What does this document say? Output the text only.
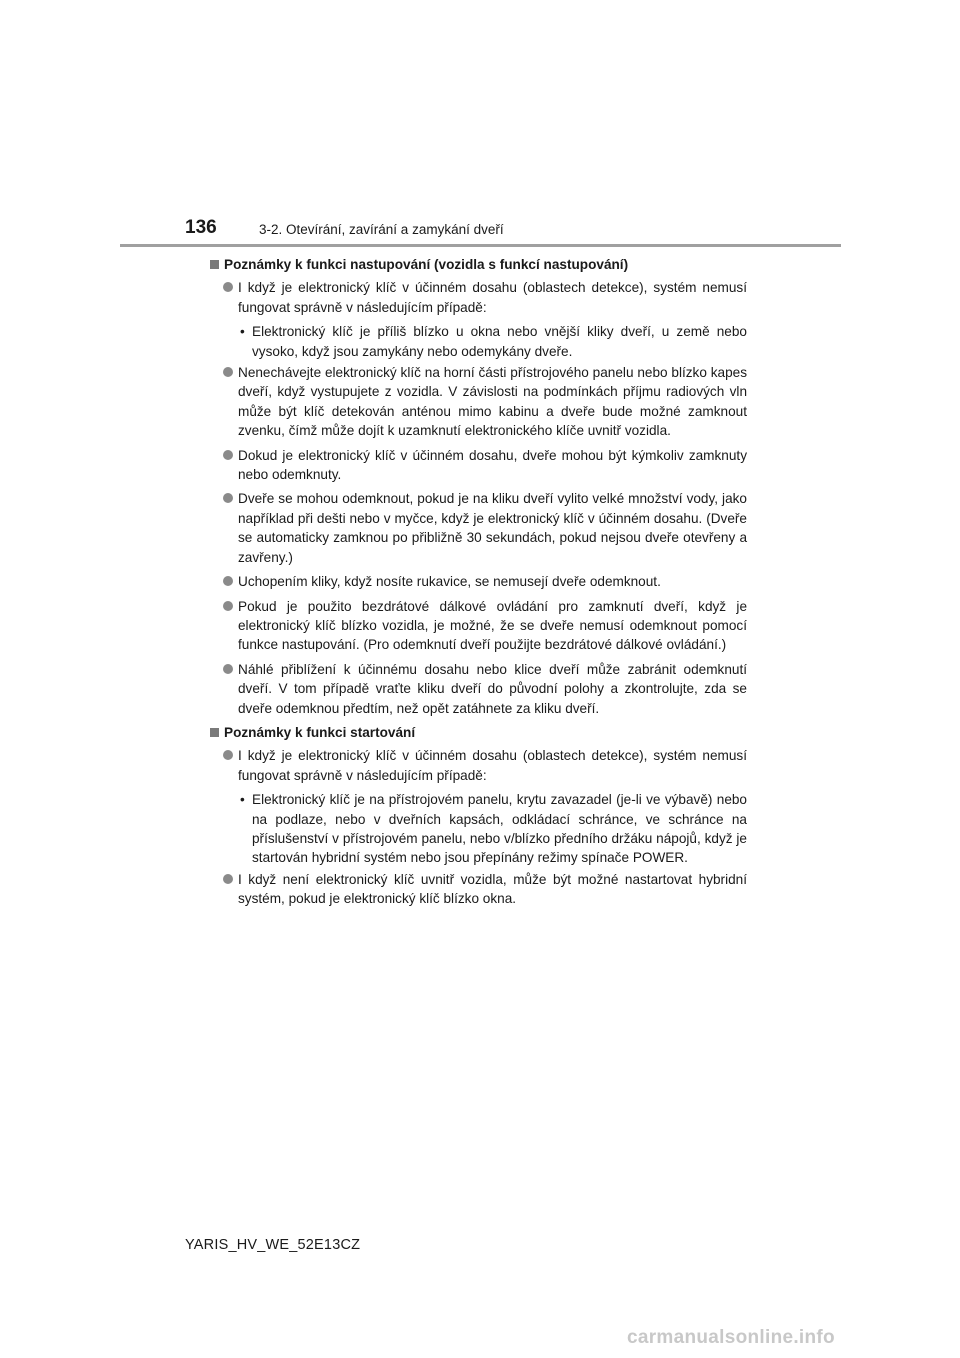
136	3-2. Otevírání, zavírání a zamykání dveří
Poznámky k funkci nastupování (vozidla s funkcí nastupování)
I když je elektronický klíč v účinném dosahu (oblastech detekce), systém nemusí fungovat správně v následujícím případě:
• Elektronický klíč je příliš blízko u okna nebo vnější kliky dveří, u země nebo vysoko, když jsou zamykány nebo odemykány dveře.
Nenechávejte elektronický klíč na horní části přístrojového panelu nebo blízko kapes dveří, když vystupujete z vozidla. V závislosti na podmínkách příjmu radiových vln může být klíč detekován anténou mimo kabinu a dveře bude možné zamknout zvenku, čímž může dojít k uzamknutí elektronického klíče uvnitř vozidla.
Dokud je elektronický klíč v účinném dosahu, dveře mohou být kýmkoliv zamknuty nebo odemknuty.
Dveře se mohou odemknout, pokud je na kliku dveří vylito velké množství vody, jako například při dešti nebo v myčce, když je elektronický klíč v účinném dosahu. (Dveře se automaticky zamknou po přibližně 30 sekundách, pokud nejsou dveře otevřeny a zavřeny.)
Uchopením kliky, když nosíte rukavice, se nemusejí dveře odemknout.
Pokud je použito bezdrátové dálkové ovládání pro zamknutí dveří, když je elektronický klíč blízko vozidla, je možné, že se dveře nemusí odemknout pomocí funkce nastupování. (Pro odemknutí dveří použijte bezdrátové dálkové ovládání.)
Náhlé přiblížení k účinnému dosahu nebo klice dveří může zabránit odemknutí dveří. V tom případě vraťte kliku dveří do původní polohy a zkontrolujte, zda se dveře odemknou předtím, než opět zatáhnete za kliku dveří.
Poznámky k funkci startování
I když je elektronický klíč v účinném dosahu (oblastech detekce), systém nemusí fungovat správně v následujícím případě:
• Elektronický klíč je na přístrojovém panelu, krytu zavazadel (je-li ve výbavě) nebo na podlaze, nebo v dveřních kapsách, odkládací schránce, ve schránce na příslušenství v přístrojovém panelu, nebo v/blízko předního držáku nápojů, když je startován hybridní systém nebo jsou přepínány režimy spínače POWER.
I když není elektronický klíč uvnitř vozidla, může být možné nastartovat hybridní systém, pokud je elektronický klíč blízko okna.
YARIS_HV_WE_52E13CZ
carmanualsonline.info
